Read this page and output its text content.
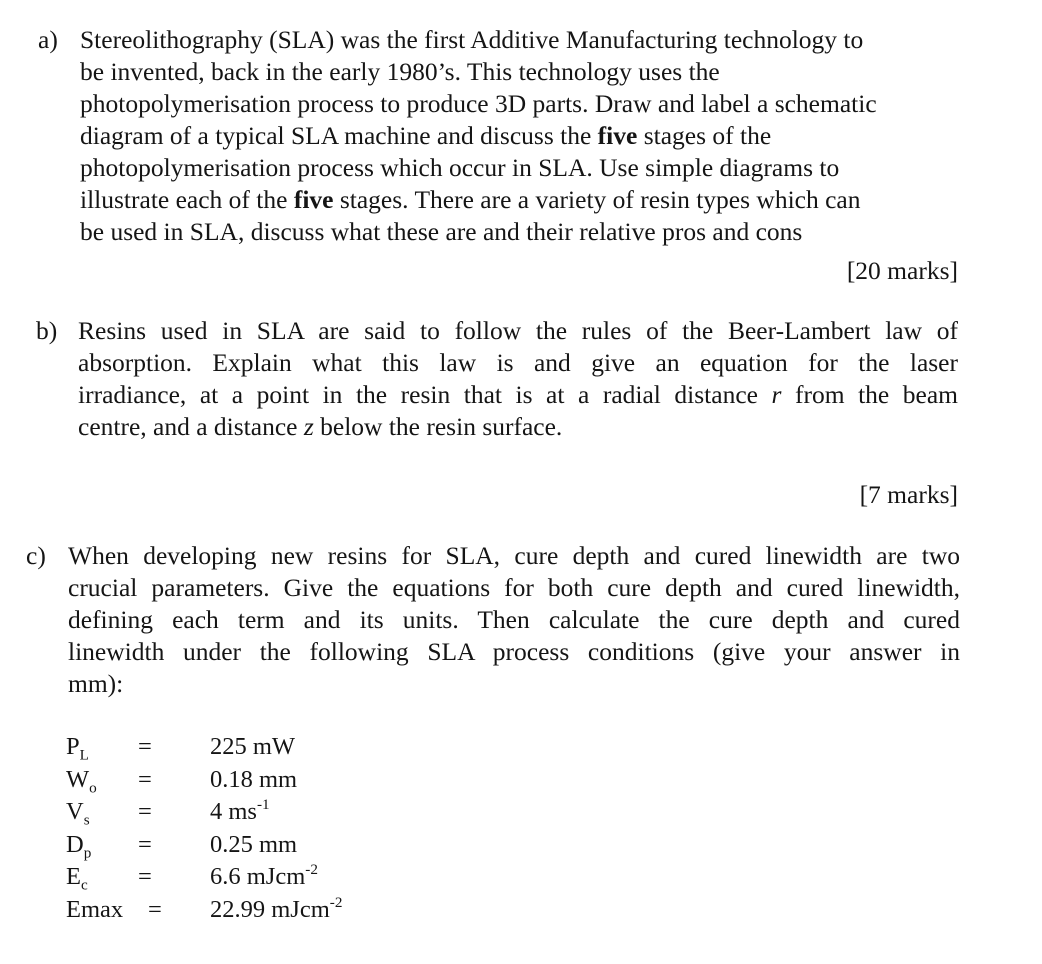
a) Stereolithography (SLA) was the first Additive Manufacturing technology to
be invented, back in the early 1980’s. This technology uses the
photopolymerisation process to produce 3D parts. Draw and label a schematic
diagram of a typical SLA machine and discuss the five stages of the
photopolymerisation process which occur in SLA. Use simple diagrams to
illustrate each of the five stages. There are a variety of resin types which can
be used in SLA, discuss what these are and their relative pros and cons
[20 marks]
b) Resins used in SLA are said to follow the rules of the Beer-Lambert law of
absorption. Explain what this law is and give an equation for the laser
irradiance, at a point in the resin that is at a radial distance r from the beam
centre, and a distance z below the resin surface.
[7 marks]
c) When developing new resins for SLA, cure depth and cured linewidth are two
crucial parameters. Give the equations for both cure depth and cured linewidth,
defining each term and its units. Then calculate the cure depth and cured
linewidth under the following SLA process conditions (give your answer in
mm):
$P_L = 225$ mW
$W_o = 0.18$ mm
$V_s = 4$ $ms^{-1}$
$D_p = 0.25$ mm
$E_c = 6.6$ mJcm$^{-2}$
Emax = 22.99 mJcm$^{-2}$
